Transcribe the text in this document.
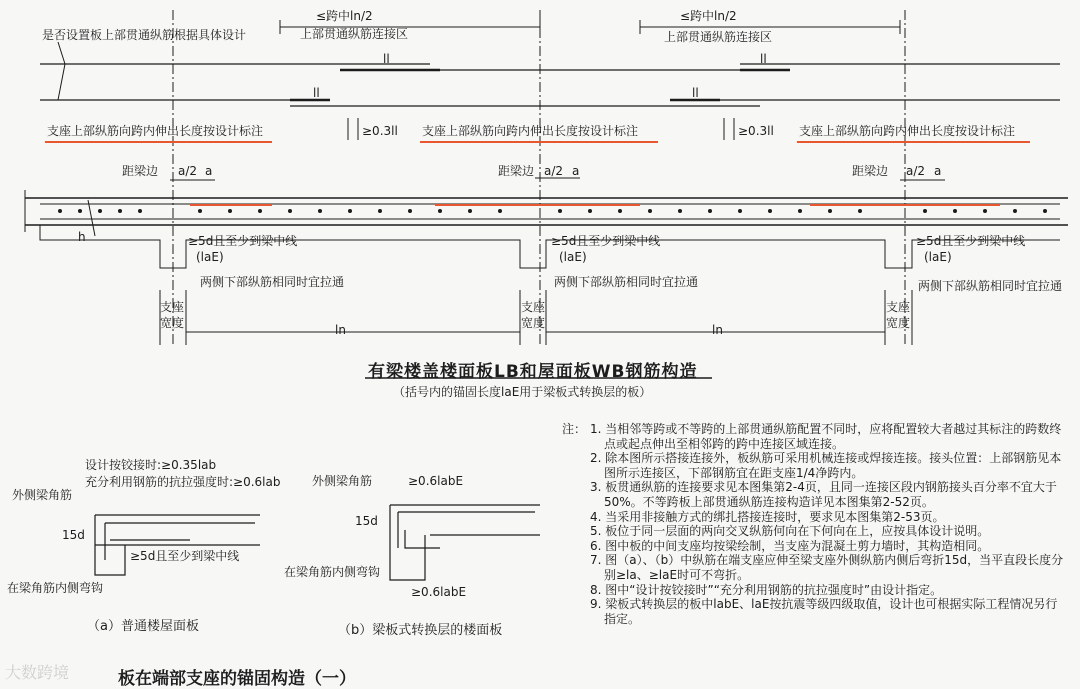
是否设置板上部贯通纵筋根据具体设计
≤跨中ln/2
上部贯通纵筋连接区
≤跨中ln/2
上部贯通纵筋连接区
ll	ll
ll	ll
支座上部纵筋向跨内伸出长度按设计标注	支座上部纵筋向跨内伸出长度按设计标注	支座上部纵筋向跨内伸出长度按设计标注
≥0.3ll	≥0.3ll
距梁边 a/2 a	距梁边 a/2 a	距梁边 a/2 a
h	≥5d且至少到梁中线
(laE)
≥5d且至少到梁中线
(laE)
≥5d且至少到梁中线
(laE)
两侧下部纵筋相同时宜拉通	两侧下部纵筋相同时宜拉通	两侧下部纵筋相同时宜拉通
支座
宽度
支座
宽度
支座
宽度
ln	ln
有梁楼盖楼面板LB和屋面板WB钢筋构造
（括号内的锚固长度laE用于梁板式转换层的板）
设计按铰接时:≥0.35lab
充分利用钢筋的抗拉强度时:≥0.6lab
外侧梁角筋
15d
≥5d且至少到梁中线
在梁角筋内侧弯钩
（a）普通楼屋面板
外侧梁角筋	≥0.6labE
15d
在梁角筋内侧弯钩
≥0.6labE
（b）梁板式转换层的楼面板
板在端部支座的锚固构造（一）
注： 1. 当相邻等跨或不等跨的上部贯通纵筋配置不同时，应将配置较大者越过其标注的跨数终点或起点伸出至相邻跨的跨中连接区域连接。
2. 除本图所示搭接连接外，板纵筋可采用机械连接或焊接连接。接头位置：上部钢筋见本图所示连接区，下部钢筋宜在距支座1/4净跨内。
3. 板贯通纵筋的连接要求见本图集第2-4页，且同一连接区段内钢筋接头百分率不宜大于50%。不等跨板上部贯通纵筋连接构造详见本图集第2-52页。
4. 当采用非接触方式的绑扎搭接连接时，要求见本图集第2-53页。
5. 板位于同一层面的两向交叉纵筋何向在下何向在上，应按具体设计说明。
6. 图中板的中间支座均按梁绘制，当支座为混凝土剪力墙时，其构造相同。
7. 图（a）、（b）中纵筋在端支座应伸至梁支座外侧纵筋内侧后弯折15d，当平直段长度分别≥la、≥laE时可不弯折。
8. 图中“设计按铰接时”“充分利用钢筋的抗拉强度时”由设计指定。
9. 梁板式转换层的板中labE、laE按抗震等级四级取值，设计也可根据实际工程情况另行指定。
大数跨境
